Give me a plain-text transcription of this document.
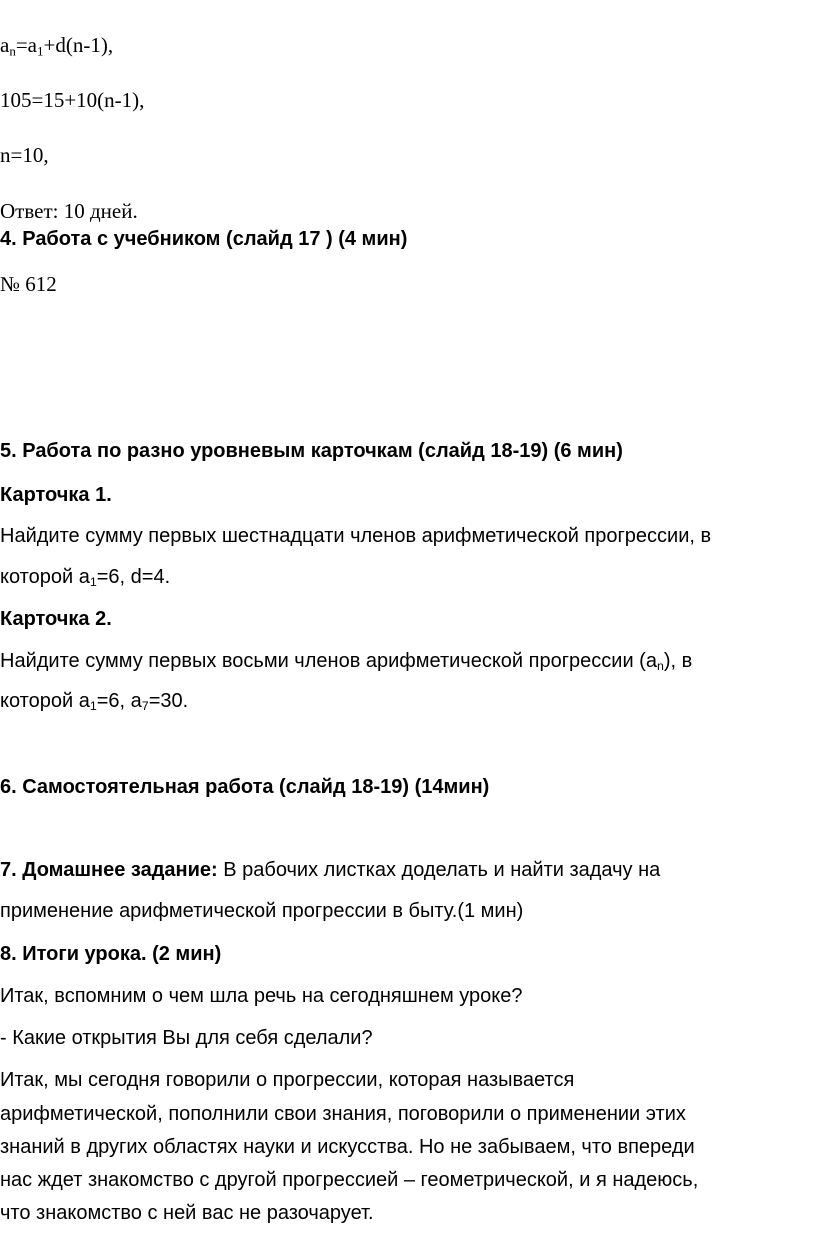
$a_n=a_1+d(n-1)$,
105=15+10(n-1),
n=10,
Ответ: 10 дней.
4. Работа с учебником (слайд 17 ) (4 мин)
№ 612
5. Работа по разно уровневым карточкам (слайд 18-19) (6 мин)
Карточка 1.
Найдите сумму первых шестнадцати членов арифметической прогрессии, в
которой $a_1=6$, d=4.
Карточка 2.
Найдите сумму первых восьми членов арифметической прогрессии $(a_n)$, в
которой $a_1=6$, $a_7=30$.
6. Самостоятельная работа (слайд 18-19) (14мин)
7. Домашнее задание: В рабочих листках доделать и найти задачу на
применение арифметической прогрессии в быту.(1 мин)
8. Итоги урока. (2 мин)
Итак, вспомним о чем шла речь на сегодняшнем уроке?
- Какие открытия Вы для себя сделали?
Итак, мы сегодня говорили о прогрессии, которая называется
арифметической, пополнили свои знания, поговорили о применении этих
знаний в других областях науки и искусства. Но не забываем, что впереди
нас ждет знакомство с другой прогрессией – геометрической, и я надеюсь,
что знакомство с ней вас не разочарует.
